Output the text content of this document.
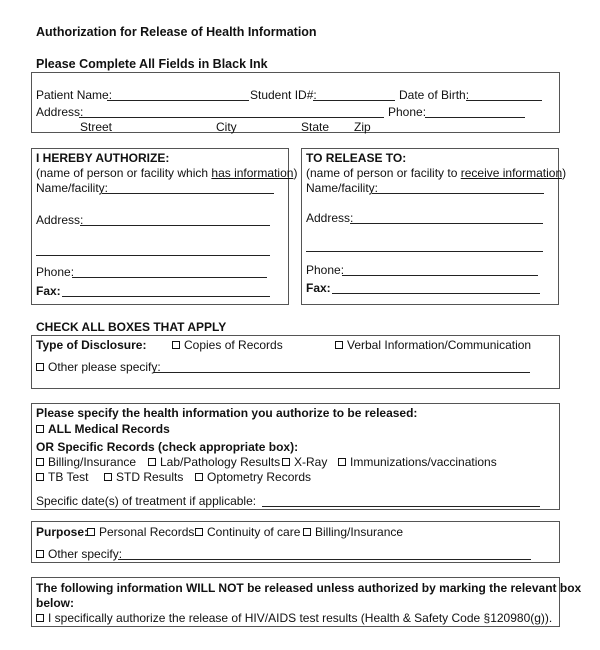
Authorization for Release of Health Information
Please Complete All Fields in Black Ink
Patient Name:	Student ID#:	Date of Birth:
Address:	Phone:
Street	City	State Zip
I HEREBY AUTHORIZE:
(name of person or facility which has information)
Name/facility:
Address:
Phone:
Fax:
TO RELEASE TO:
(name of person or facility to receive information)
Name/facility:
Address:
Phone:
Fax:
CHECK ALL BOXES THAT APPLY
Type of Disclosure:	Copies of Records	Verbal Information/Communication
Other please specify:
Please specify the health information you authorize to be released:
ALL Medical Records
OR Specific Records (check appropriate box):
Billing/Insurance	Lab/Pathology Results	X-Ray	Immunizations/vaccinations
TB Test	STD Results	Optometry Records
Specific date(s) of treatment if applicable:
Purpose: Personal Records	Continuity of care	Billing/Insurance
Other specify:
The following information WILL NOT be released unless authorized by marking the relevant box
below:
I specifically authorize the release of HIV/AIDS test results (Health & Safety Code §120980(g)).
